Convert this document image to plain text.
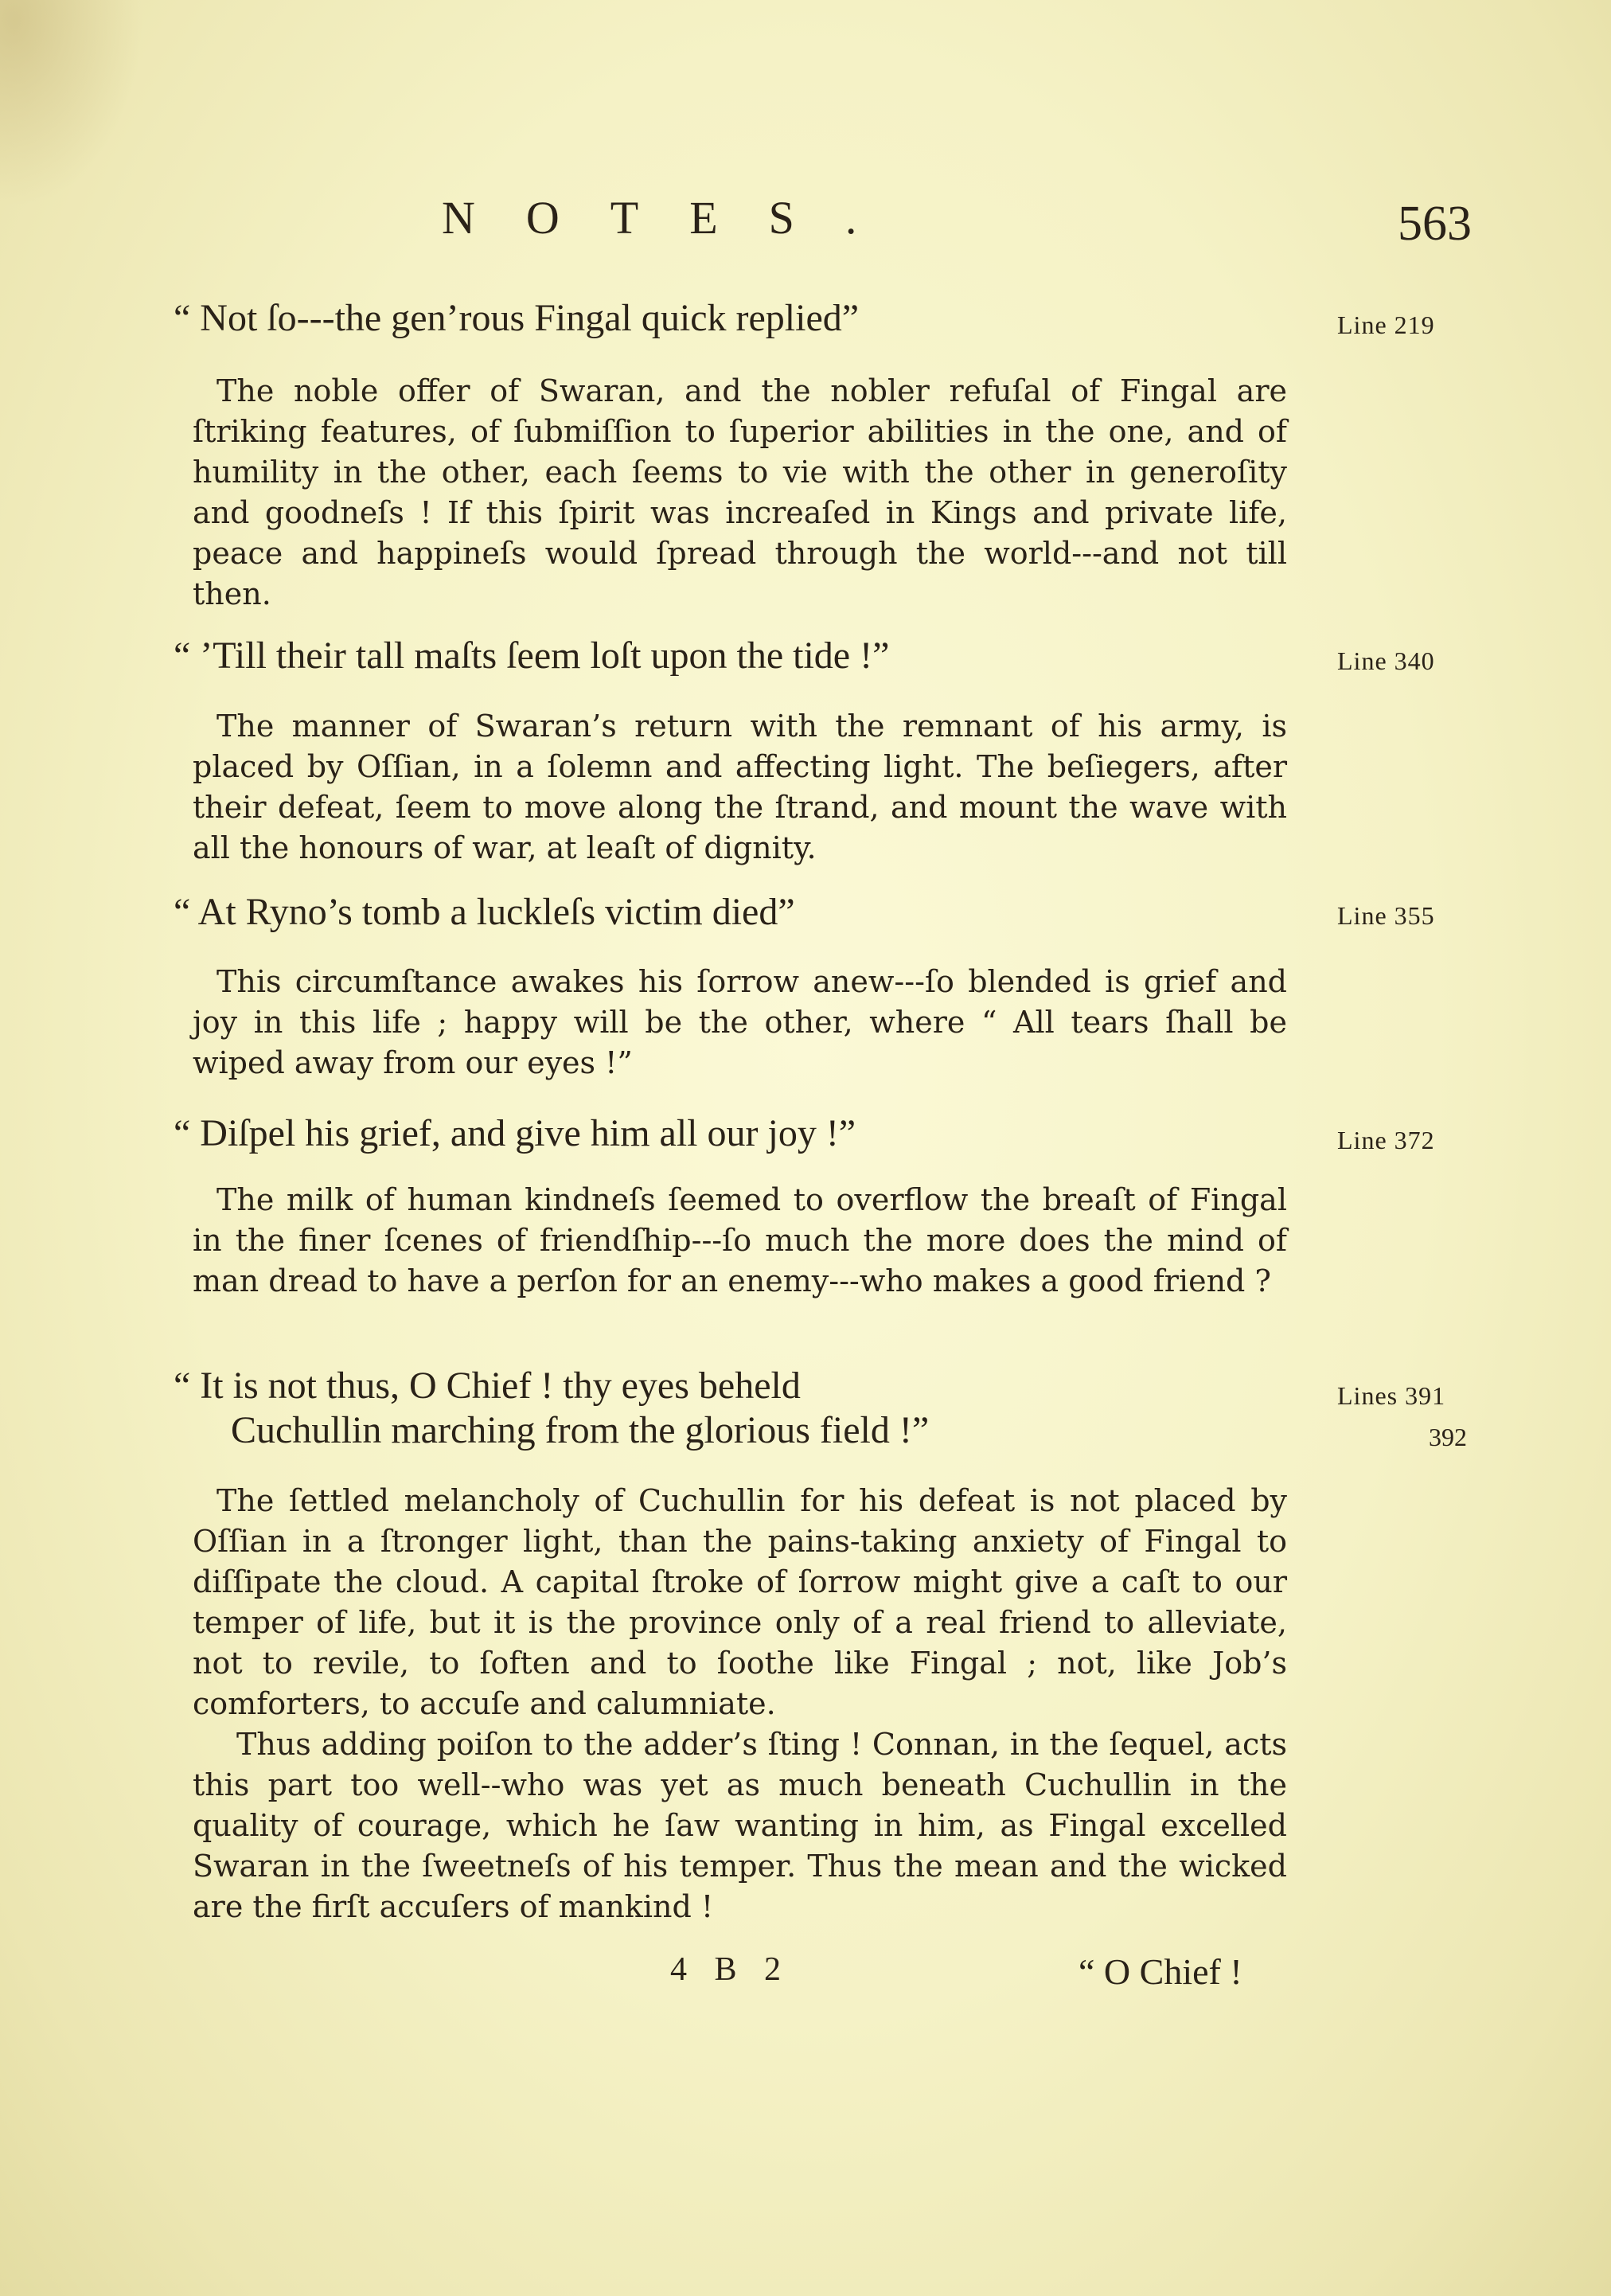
NOTES.	563
“ Not ſo---the gen’rous Fingal quick replied”	Line 219

The noble offer of Swaran, and the nobler refuſal of Fingal are ſtriking features, of ſubmiſſion to ſuperior abilities in the one, and of humility in the other, each ſeems to vie with the other in generoſity and goodneſs ! If this ſpirit was increaſed in Kings and private life, peace and happineſs would ſpread through the world---and not till then.

“ ’Till their tall maſts ſeem loſt upon the tide !”	Line 340

The manner of Swaran’s return with the remnant of his army, is placed by Oſſian, in a ſolemn and affecting light. The beſiegers, after their defeat, ſeem to move along the ſtrand, and mount the wave with all the honours of war, at leaſt of dignity.

“ At Ryno’s tomb a luckleſs victim died”	Line 355

This circumſtance awakes his ſorrow anew---ſo blended is grief and joy in this life ; happy will be the other, where “ All tears ſhall be wiped away from our eyes !”

“ Diſpel his grief, and give him all our joy !”	Line 372

The milk of human kindneſs ſeemed to overflow the breaſt of Fingal in the finer ſcenes of friendſhip---ſo much the more does the mind of man dread to have a perſon for an enemy---who makes a good friend ?

“ It is not thus, O Chief ! thy eyes beheld
Cuchullin marching from the glorious field !”
Lines 391
392

The ſettled melancholy of Cuchullin for his defeat is not placed by Oſſian in a ſtronger light, than the pains-taking anxiety of Fingal to diſſipate the cloud. A capital ſtroke of ſorrow might give a caſt to our temper of life, but it is the province only of a real friend to alleviate, not to revile, to ſoften and to ſoothe like Fingal ; not, like Job’s comforters, to accuſe and calumniate.

Thus adding poiſon to the adder’s ſting ! Connan, in the ſequel, acts this part too well--who was yet as much beneath Cuchullin in the quality of courage, which he ſaw wanting in him, as Fingal excelled Swaran in the ſweetneſs of his temper. Thus the mean and the wicked are the firſt accuſers of mankind !

4 B 2	“ O Chief !
